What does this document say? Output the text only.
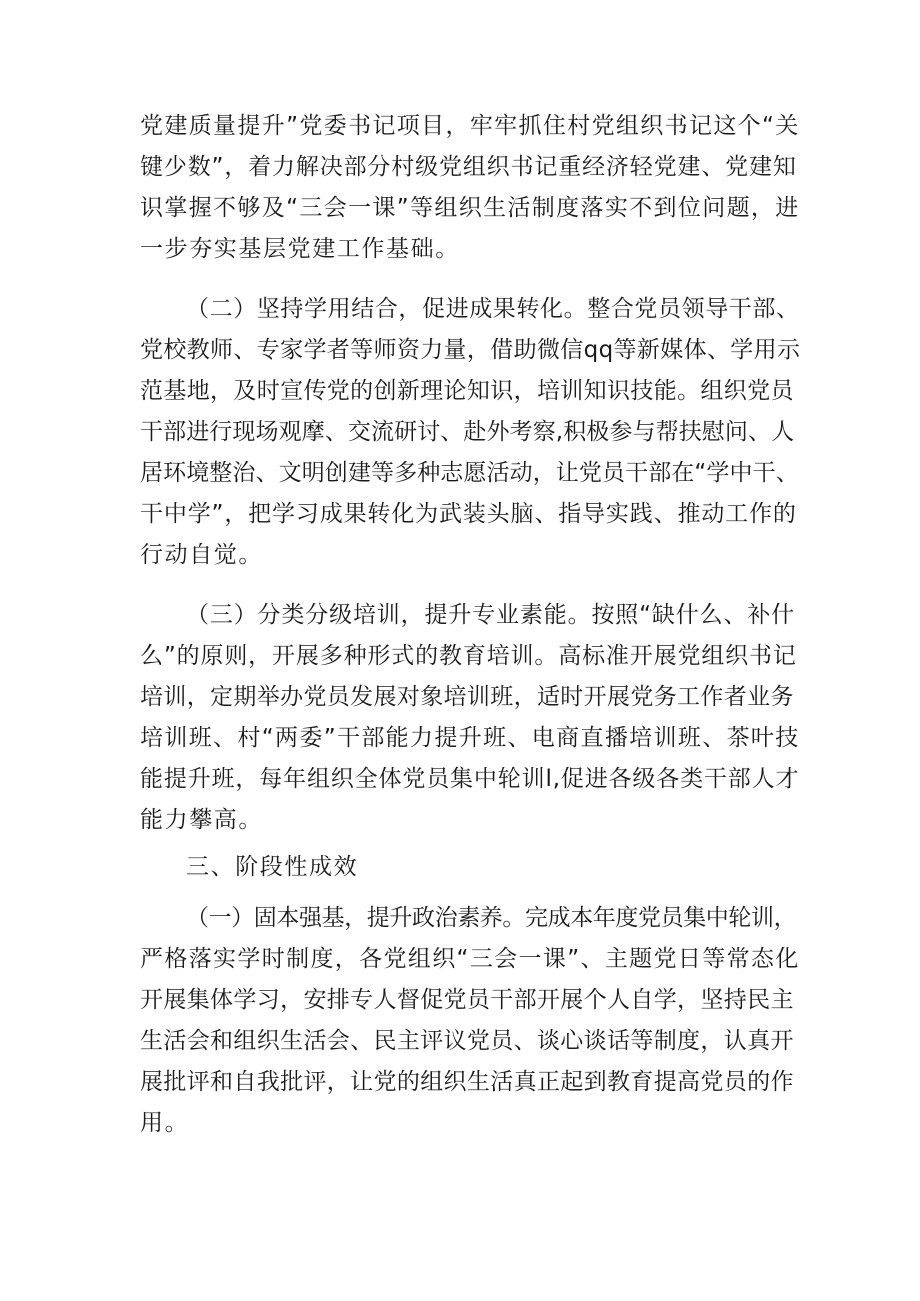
党建质量提升”党委书记项目，牢牢抓住村党组织书记这个“关
键少数”，着力解决部分村级党组织书记重经济轻党建、党建知
识掌握不够及“三会一课”等组织生活制度落实不到位问题，进
一步夯实基层党建工作基础。
（二）坚持学用结合，促进成果转化。整合党员领导干部、
党校教师、专家学者等师资力量，借助微信qq等新媒体、学用示
范基地，及时宣传党的创新理论知识，培训知识技能。组织党员
干部进行现场观摩、交流研讨、赴外考察,积极参与帮扶慰问、人
居环境整治、文明创建等多种志愿活动，让党员干部在“学中干、
干中学”，把学习成果转化为武装头脑、指导实践、推动工作的
行动自觉。
（三）分类分级培训，提升专业素能。按照“缺什么、补什
么”的原则，开展多种形式的教育培训。高标准开展党组织书记
培训，定期举办党员发展对象培训班，适时开展党务工作者业务
培训班、村“两委”干部能力提升班、电商直播培训班、茶叶技
能提升班，每年组织全体党员集中轮训l,促进各级各类干部人才
能力攀高。
三、阶段性成效
（一）固本强基，提升政治素养。完成本年度党员集中轮训，
严格落实学时制度，各党组织“三会一课”、主题党日等常态化
开展集体学习，安排专人督促党员干部开展个人自学，坚持民主
生活会和组织生活会、民主评议党员、谈心谈话等制度，认真开
展批评和自我批评，让党的组织生活真正起到教育提高党员的作
用。
